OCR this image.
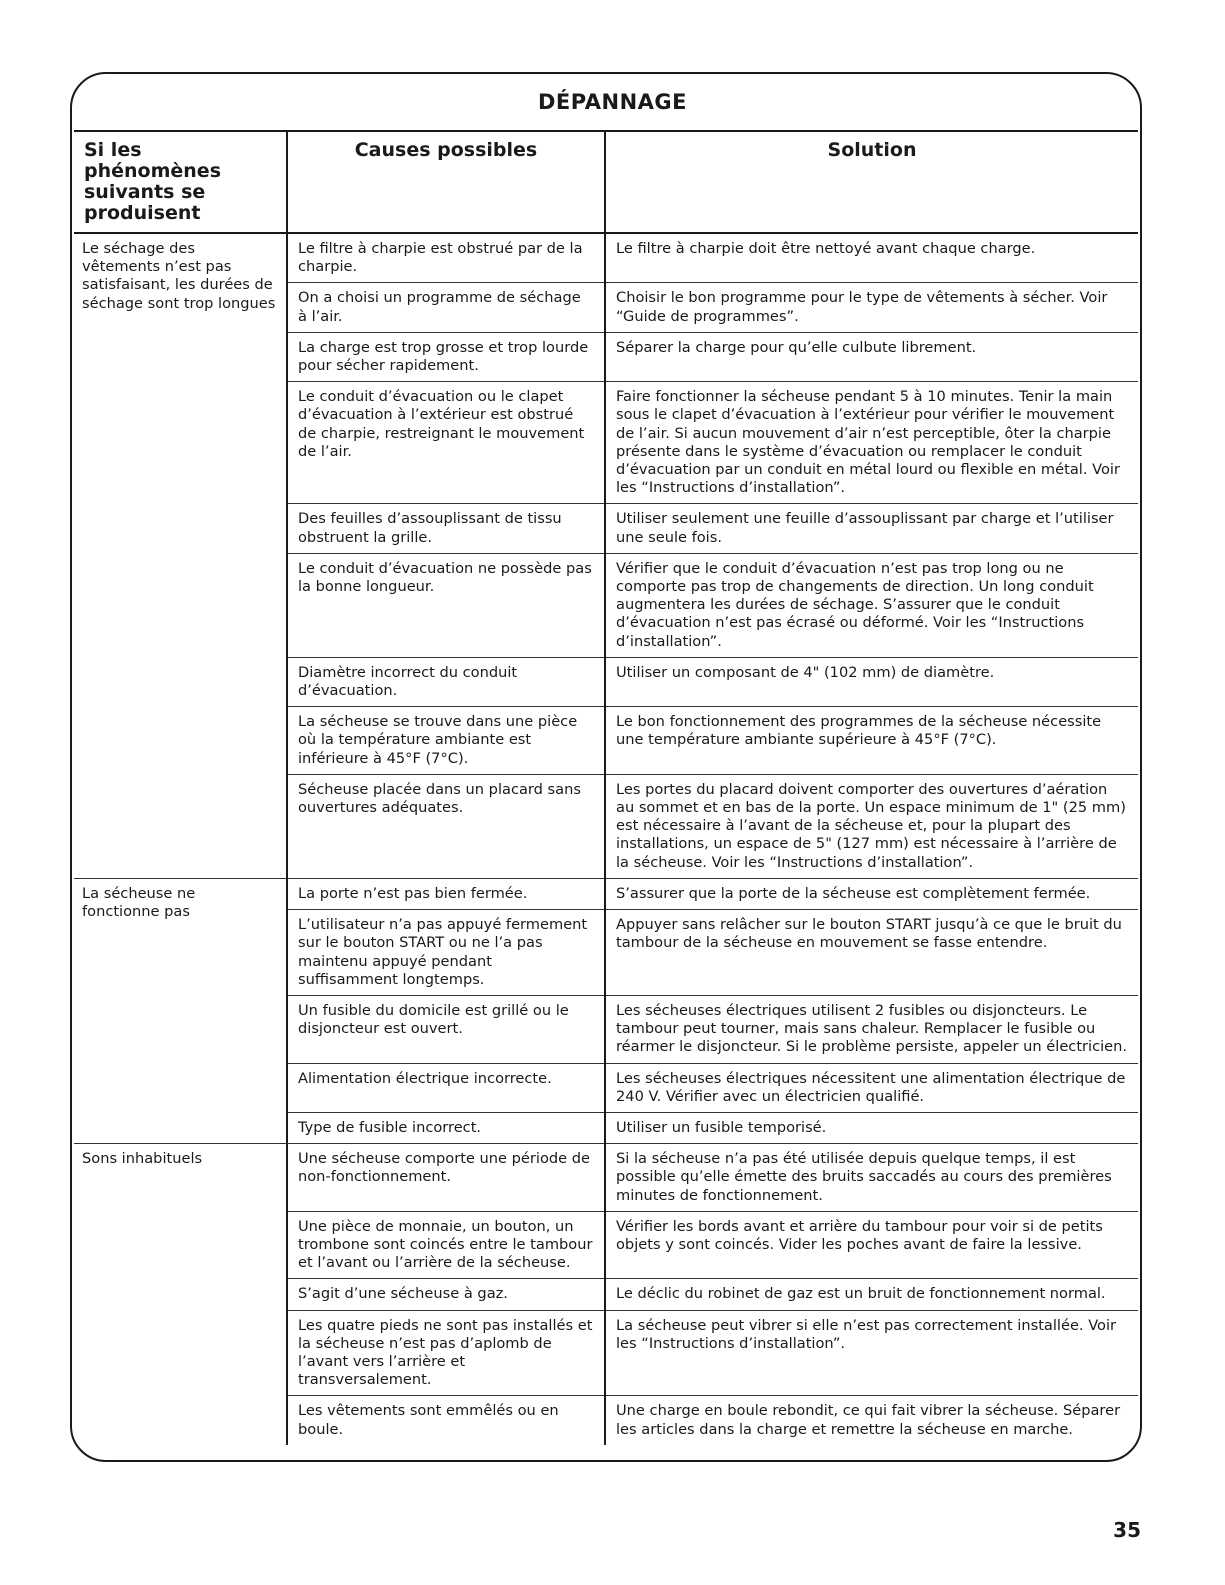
DÉPANNAGE
Si les phénomènes suivants se produisent	Causes possibles	Solution
Le séchage des vêtements n’est pas satisfaisant, les durées de séchage sont trop longues	Le filtre à charpie est obstrué par de la charpie.	Le filtre à charpie doit être nettoyé avant chaque charge.
	On a choisi un programme de séchage à l’air.	Choisir le bon programme pour le type de vêtements à sécher. Voir “Guide de programmes”.
	La charge est trop grosse et trop lourde pour sécher rapidement.	Séparer la charge pour qu’elle culbute librement.
	Le conduit d’évacuation ou le clapet d’évacuation à l’extérieur est obstrué de charpie, restreignant le mouvement de l’air.	Faire fonctionner la sécheuse pendant 5 à 10 minutes. Tenir la main sous le clapet d’évacuation à l’extérieur pour vérifier le mouvement de l’air. Si aucun mouvement d’air n’est perceptible, ôter la charpie présente dans le système d’évacuation ou remplacer le conduit d’évacuation par un conduit en métal lourd ou flexible en métal. Voir les “Instructions d’installation”.
	Des feuilles d’assouplissant de tissu obstruent la grille.	Utiliser seulement une feuille d’assouplissant par charge et l’utiliser une seule fois.
	Le conduit d’évacuation ne possède pas la bonne longueur.	Vérifier que le conduit d’évacuation n’est pas trop long ou ne comporte pas trop de changements de direction. Un long conduit augmentera les durées de séchage. S’assurer que le conduit d’évacuation n’est pas écrasé ou déformé. Voir les “Instructions d’installation”.
	Diamètre incorrect du conduit d’évacuation.	Utiliser un composant de 4" (102 mm) de diamètre.
	La sécheuse se trouve dans une pièce où la température ambiante est inférieure à 45°F (7°C).	Le bon fonctionnement des programmes de la sécheuse nécessite une température ambiante supérieure à 45°F (7°C).
	Sécheuse placée dans un placard sans ouvertures adéquates.	Les portes du placard doivent comporter des ouvertures d’aération au sommet et en bas de la porte. Un espace minimum de 1" (25 mm) est nécessaire à l’avant de la sécheuse et, pour la plupart des installations, un espace de 5" (127 mm) est nécessaire à l’arrière de la sécheuse. Voir les “Instructions d’installation”.
La sécheuse ne fonctionne pas	La porte n’est pas bien fermée.	S’assurer que la porte de la sécheuse est complètement fermée.
	L’utilisateur n’a pas appuyé fermement sur le bouton START ou ne l’a pas maintenu appuyé pendant suffisamment longtemps.	Appuyer sans relâcher sur le bouton START jusqu’à ce que le bruit du tambour de la sécheuse en mouvement se fasse entendre.
	Un fusible du domicile est grillé ou le disjoncteur est ouvert.	Les sécheuses électriques utilisent 2 fusibles ou disjoncteurs. Le tambour peut tourner, mais sans chaleur. Remplacer le fusible ou réarmer le disjoncteur. Si le problème persiste, appeler un électricien.
	Alimentation électrique incorrecte.	Les sécheuses électriques nécessitent une alimentation électrique de 240 V. Vérifier avec un électricien qualifié.
	Type de fusible incorrect.	Utiliser un fusible temporisé.
Sons inhabituels	Une sécheuse comporte une période de non-fonctionnement.	Si la sécheuse n’a pas été utilisée depuis quelque temps, il est possible qu’elle émette des bruits saccadés au cours des premières minutes de fonctionnement.
	Une pièce de monnaie, un bouton, un trombone sont coincés entre le tambour et l’avant ou l’arrière de la sécheuse.	Vérifier les bords avant et arrière du tambour pour voir si de petits objets y sont coincés. Vider les poches avant de faire la lessive.
	S’agit d’une sécheuse à gaz.	Le déclic du robinet de gaz est un bruit de fonctionnement normal.
	Les quatre pieds ne sont pas installés et la sécheuse n’est pas d’aplomb de l’avant vers l’arrière et transversalement.	La sécheuse peut vibrer si elle n’est pas correctement installée. Voir les “Instructions d’installation”.
	Les vêtements sont emmêlés ou en boule.	Une charge en boule rebondit, ce qui fait vibrer la sécheuse. Séparer les articles dans la charge et remettre la sécheuse en marche.
35
